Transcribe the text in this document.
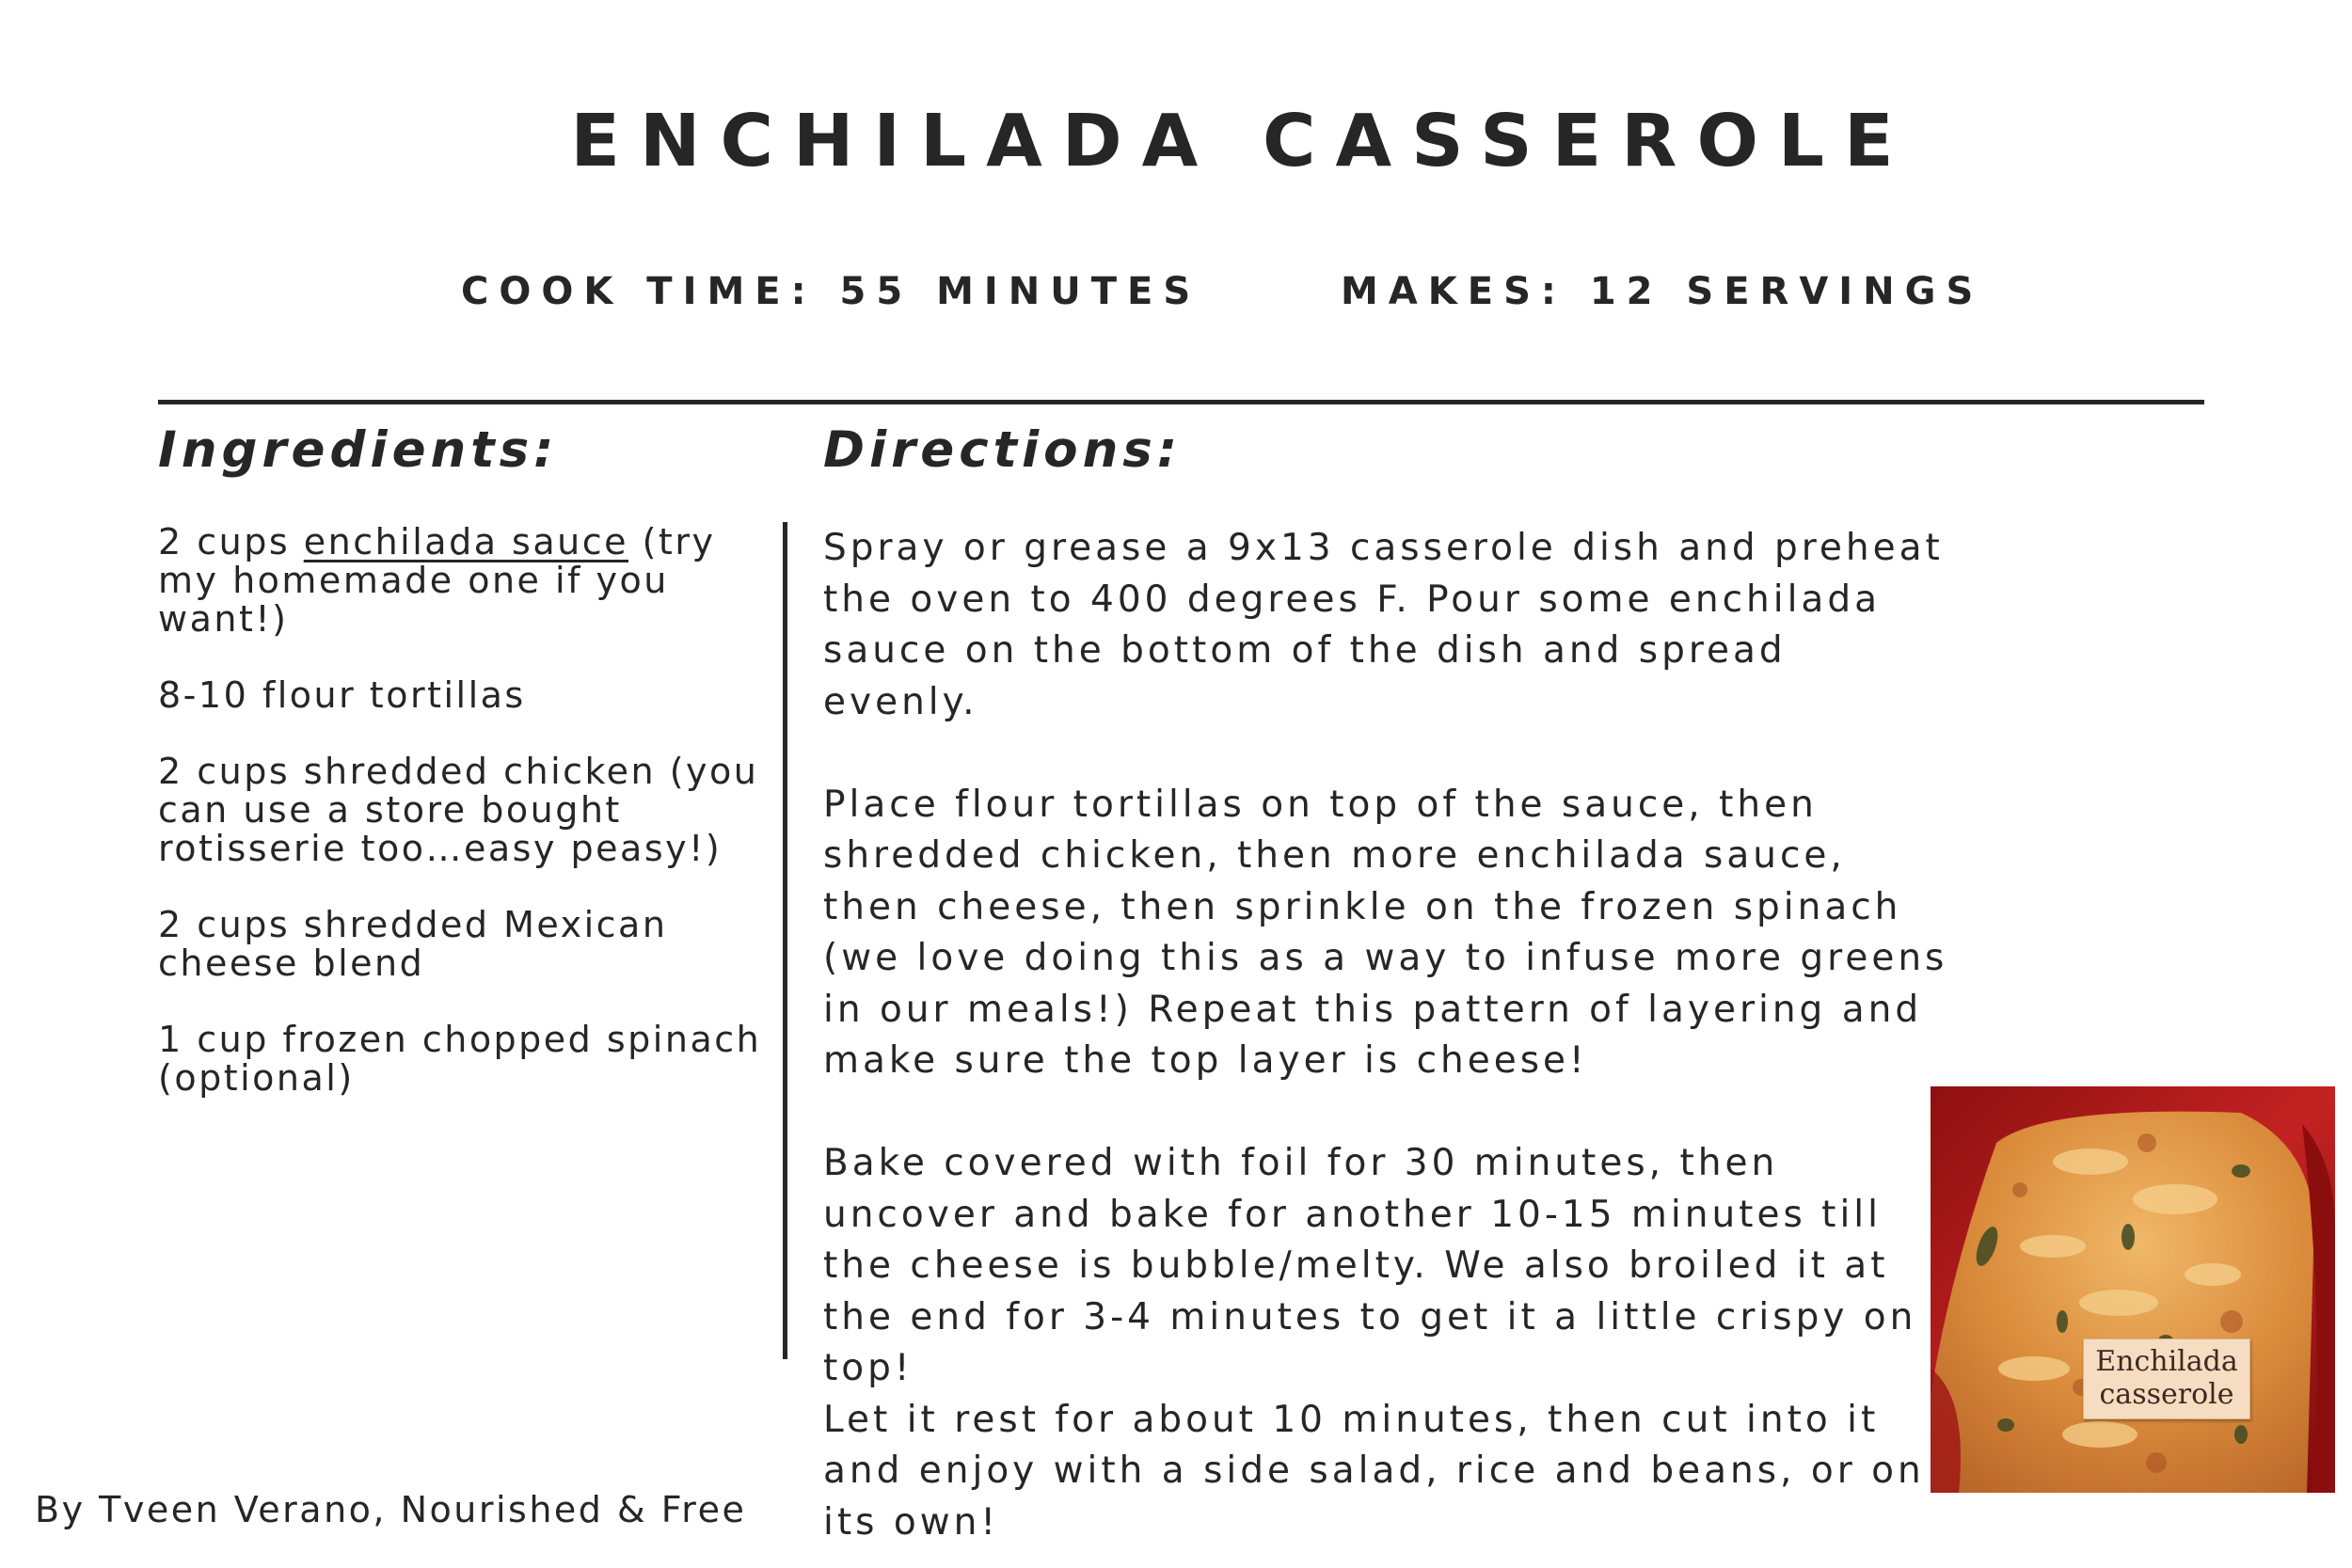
ENCHILADA CASSEROLE
COOK TIME: 55 MINUTES	MAKES: 12 SERVINGS
Ingredients:	Directions:

2 cups enchilada sauce (try my homemade one if you want!)

8-10 flour tortillas

2 cups shredded chicken (you can use a store bought rotisserie too…easy peasy!)

2 cups shredded Mexican cheese blend

1 cup frozen chopped spinach (optional)

Spray or grease a 9x13 casserole dish and preheat the oven to 400 degrees F. Pour some enchilada sauce on the bottom of the dish and spread evenly.

Place flour tortillas on top of the sauce, then shredded chicken, then more enchilada sauce, then cheese, then sprinkle on the frozen spinach (we love doing this as a way to infuse more greens in our meals!) Repeat this pattern of layering and make sure the top layer is cheese!

Bake covered with foil for 30 minutes, then uncover and bake for another 10-15 minutes till the cheese is bubble/melty. We also broiled it at the end for 3-4 minutes to get it a little crispy on top!

Let it rest for about 10 minutes, then cut into it and enjoy with a side salad, rice and beans, or on its own!

Enchilada
casserole
By Tveen Verano, Nourished & Free
